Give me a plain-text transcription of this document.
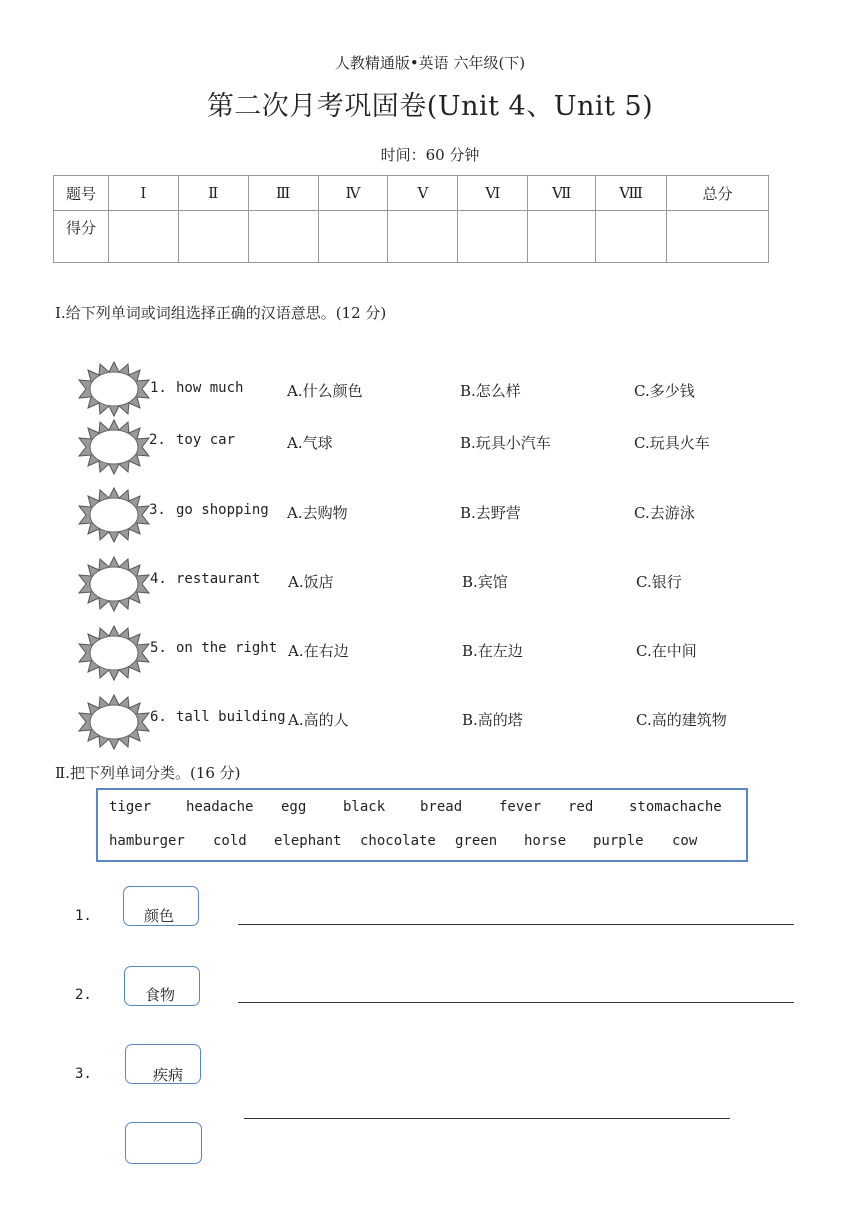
人教精通版•英语 六年级(下)
第二次月考巩固卷(Unit 4、Unit 5)
时间：60 分钟
题号	Ⅰ	Ⅱ	Ⅲ	Ⅳ	Ⅴ	Ⅵ	Ⅶ	Ⅷ	总分
得分									
Ⅰ.给下列单词或词组选择正确的汉语意思。(12 分)
1. how much	A.什么颜色	B.怎么样	C.多少钱
2. toy car	A.气球	B.玩具小汽车	C.玩具火车
3. go shopping A.去购物	B.去野营	C.去游泳
4. restaurant A.饭店	B.宾馆	C.银行
5. on the right A.在右边	B.在左边	C.在中间
6. tall building A.高的人	B.高的塔	C.高的建筑物
Ⅱ.把下列单词分类。(16 分)
tiger headache egg	black bread	fever red	stomachache
hamburger cold elephant chocolate green horse purple cow
1.	颜色
2.	食物
3.	疾病
